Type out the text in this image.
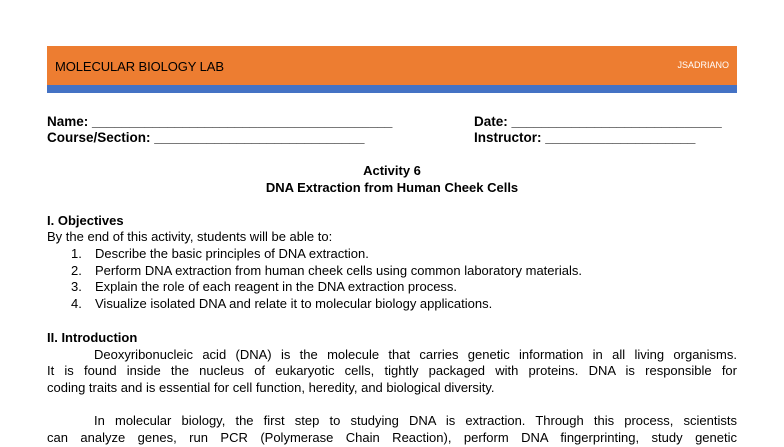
MOLECULAR BIOLOGY LAB	JSADRIANO
Name: ________________________________________
Course/Section: ____________________________
Date: ____________________________
Instructor: ____________________
Activity 6
DNA Extraction from Human Cheek Cells
I. Objectives
By the end of this activity, students will be able to:
1. Describe the basic principles of DNA extraction.
2. Perform DNA extraction from human cheek cells using common laboratory materials.
3. Explain the role of each reagent in the DNA extraction process.
4. Visualize isolated DNA and relate it to molecular biology applications.
II. Introduction
Deoxyribonucleic acid (DNA) is the molecule that carries genetic information in all living organisms.
It is found inside the nucleus of eukaryotic cells, tightly packaged with proteins. DNA is responsible for
coding traits and is essential for cell function, heredity, and biological diversity.
In molecular biology, the first step to studying DNA is extraction. Through this process, scientists
can analyze genes, run PCR (Polymerase Chain Reaction), perform DNA fingerprinting, study genetic
